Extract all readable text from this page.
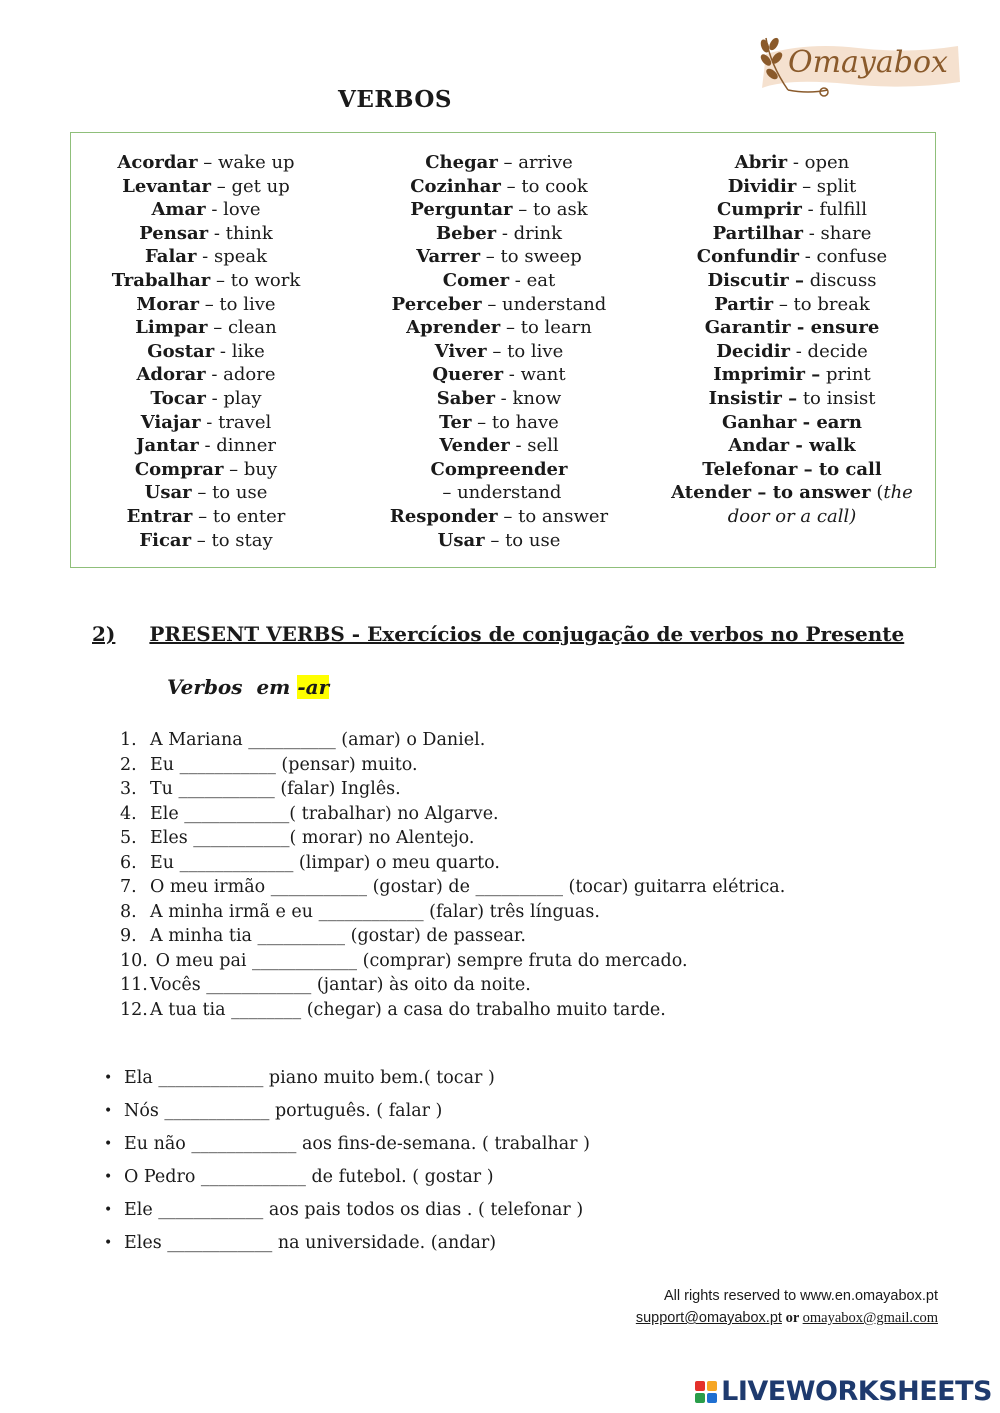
VERBOS
Omayabox
Acordar – wake up
Levantar – get up
Amar - love
Pensar - think
Falar - speak
Trabalhar – to work
Morar – to live
Limpar – clean
Gostar - like
Adorar - adore
Tocar - play
Viajar - travel
Jantar - dinner
Comprar – buy
Usar – to use
Entrar – to enter
Ficar – to stay
Chegar – arrive
Cozinhar – to cook
Perguntar – to ask
Beber - drink
Varrer – to sweep
Comer - eat
Perceber – understand
Aprender – to learn
Viver – to live
Querer - want
Saber - know
Ter – to have
Vender - sell
Compreender – understand
Responder – to answer
Usar – to use
Abrir - open
Dividir – split
Cumprir - fulfill
Partilhar - share
Confundir - confuse
Discutir – discuss
Partir – to break
Garantir - ensure
Decidir - decide
Imprimir – print
Insistir – to insist
Ganhar - earn
Andar - walk
Telefonar – to call
Atender – to answer (the door or a call)
2) PRESENT VERBS - Exercícios de conjugação de verbos no Presente
Verbos  em -ar
1. A Mariana __________ (amar) o Daniel.
2. Eu ___________ (pensar) muito.
3. Tu ___________ (falar) Inglês.
4. Ele ____________( trabalhar) no Algarve.
5. Eles ___________( morar) no Alentejo.
6. Eu _____________ (limpar) o meu quarto.
7. O meu irmão ___________ (gostar) de __________ (tocar) guitarra elétrica.
8. A minha irmã e eu ____________ (falar) três línguas.
9. A minha tia __________ (gostar) de passear.
10. O meu pai ____________ (comprar) sempre fruta do mercado.
11. Vocês ____________ (jantar) às oito da noite.
12. A tua tia ________ (chegar) a casa do trabalho muito tarde.
• Ela ____________ piano muito bem.( tocar )
• Nós ____________ português. ( falar )
• Eu não ____________ aos fins-de-semana. ( trabalhar )
• O Pedro ____________ de futebol. ( gostar )
• Ele ____________ aos pais todos os dias . ( telefonar )
• Eles ____________ na universidade. (andar)
All rights reserved to www.en.omayabox.pt
support@omayabox.pt or omayabox@gmail.com
LIVEWORKSHEETS
